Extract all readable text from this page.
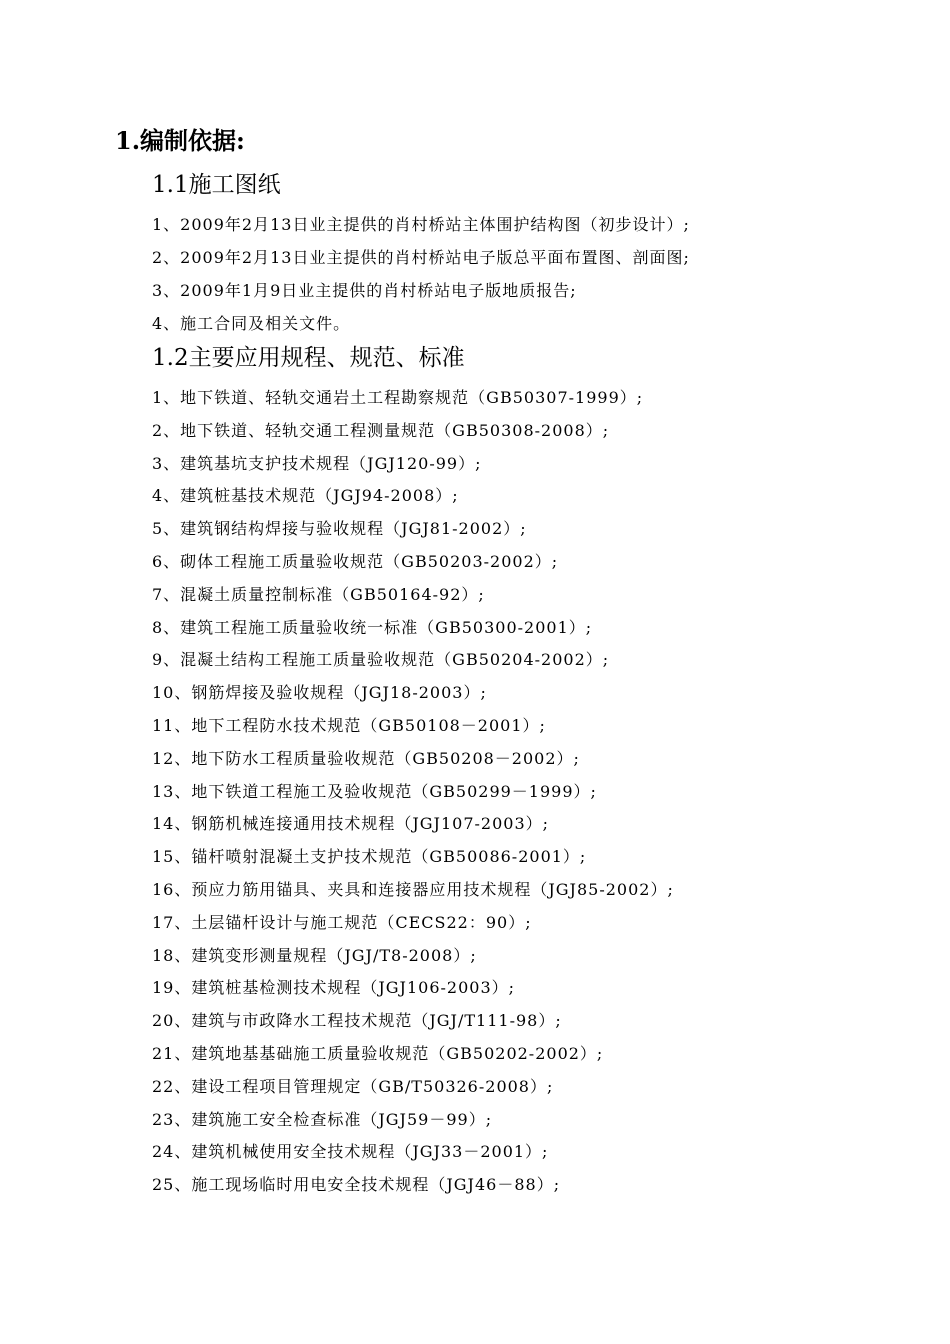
1.编制依据:
1.1施工图纸
1、2009年2月13日业主提供的肖村桥站主体围护结构图（初步设计）;
2、2009年2月13日业主提供的肖村桥站电子版总平面布置图、剖面图;
3、2009年1月9日业主提供的肖村桥站电子版地质报告;
4、施工合同及相关文件。
1.2主要应用规程、规范、标准
1、地下铁道、轻轨交通岩土工程勘察规范（GB50307-1999）;
2、地下铁道、轻轨交通工程测量规范（GB50308-2008）;
3、建筑基坑支护技术规程（JGJ120-99）;
4、建筑桩基技术规范（JGJ94-2008）;
5、建筑钢结构焊接与验收规程（JGJ81-2002）;
6、砌体工程施工质量验收规范（GB50203-2002）;
7、混凝土质量控制标准（GB50164-92）;
8、建筑工程施工质量验收统一标准（GB50300-2001）;
9、混凝土结构工程施工质量验收规范（GB50204-2002）;
10、钢筋焊接及验收规程（JGJ18-2003）;
11、地下工程防水技术规范（GB50108－2001）;
12、地下防水工程质量验收规范（GB50208－2002）;
13、地下铁道工程施工及验收规范（GB50299－1999）;
14、钢筋机械连接通用技术规程（JGJ107-2003）;
15、锚杆喷射混凝土支护技术规范（GB50086-2001）;
16、预应力筋用锚具、夹具和连接器应用技术规程（JGJ85-2002）;
17、土层锚杆设计与施工规范（CECS22：90）;
18、建筑变形测量规程（JGJ/T8-2008）;
19、建筑桩基检测技术规程（JGJ106-2003）;
20、建筑与市政降水工程技术规范（JGJ/T111-98）;
21、建筑地基基础施工质量验收规范（GB50202-2002）;
22、建设工程项目管理规定（GB/T50326-2008）;
23、建筑施工安全检查标准（JGJ59－99）;
24、建筑机械使用安全技术规程（JGJ33－2001）;
25、施工现场临时用电安全技术规程（JGJ46－88）;
